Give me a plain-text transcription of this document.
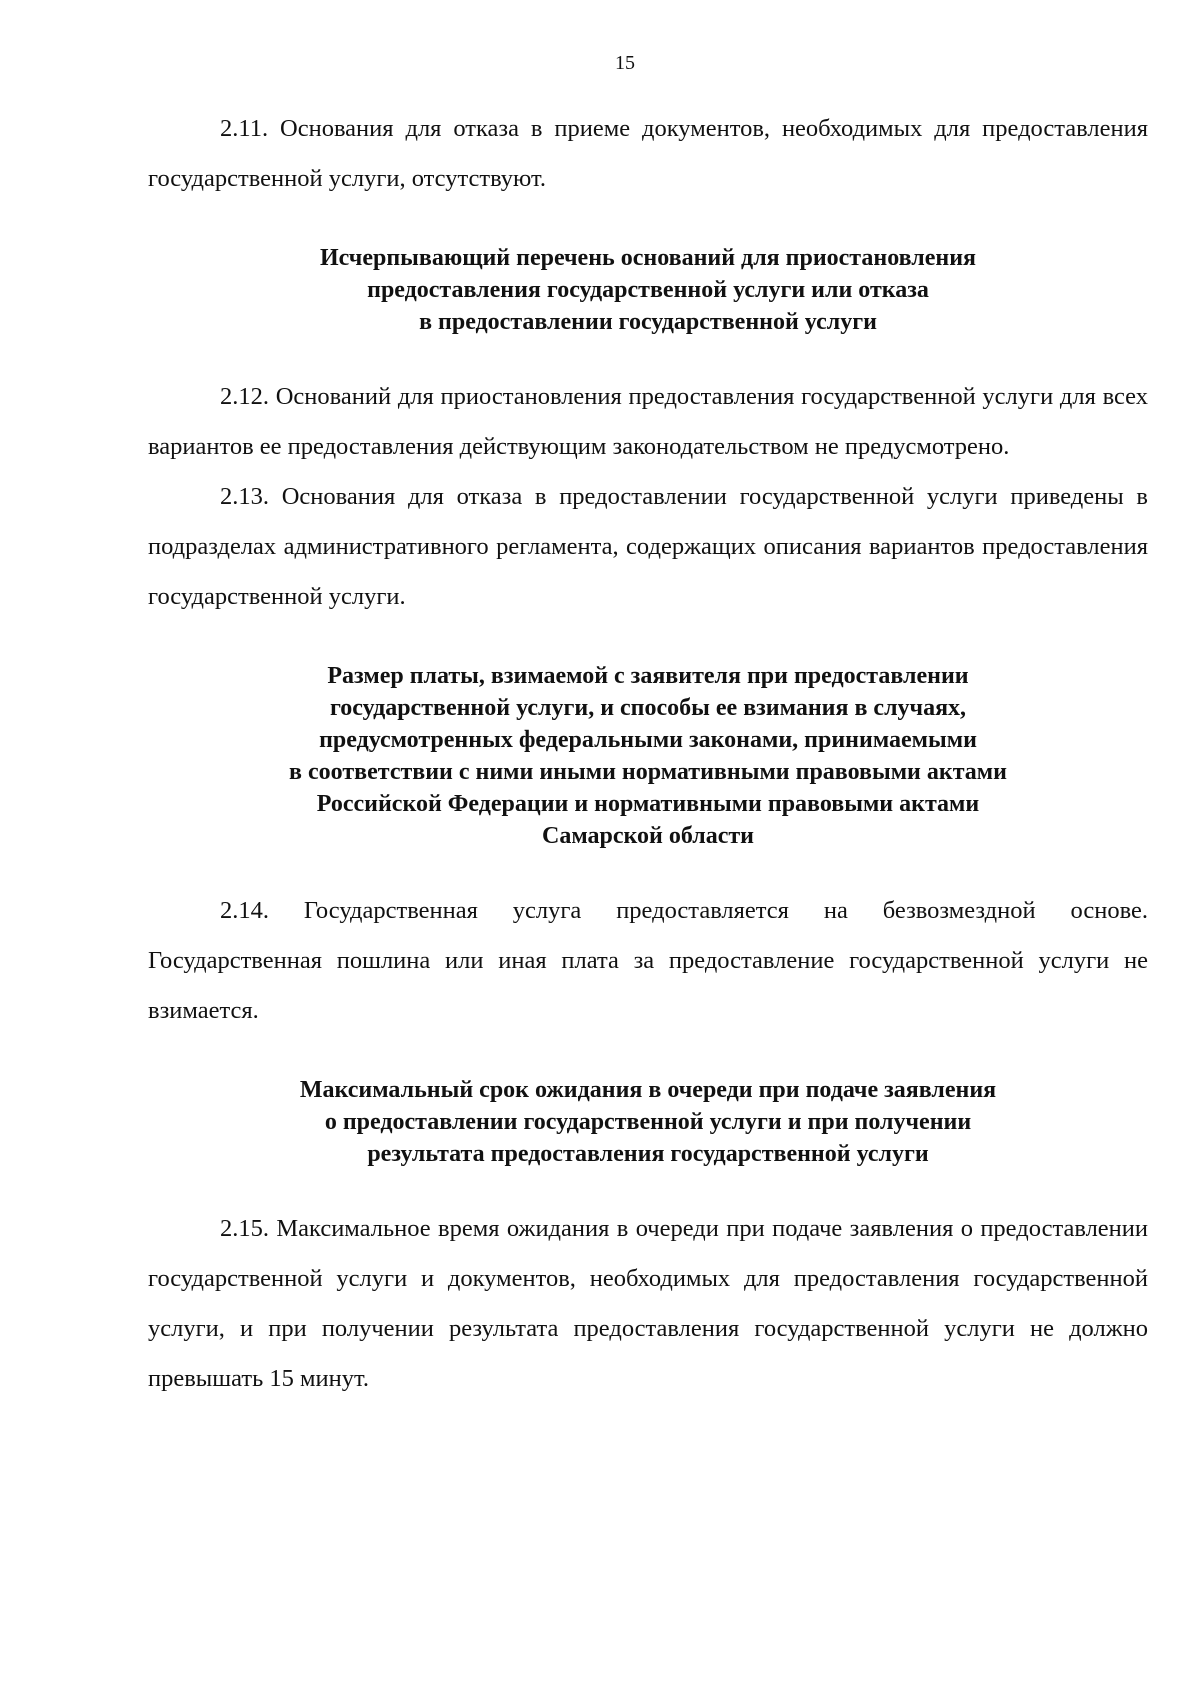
15

2.11. Основания для отказа в приеме документов, необходимых для предоставления государственной услуги, отсутствуют.

Исчерпывающий перечень оснований для приостановления
предоставления государственной услуги или отказа
в предоставлении государственной услуги

2.12. Оснований для приостановления предоставления государственной услуги для всех вариантов ее предоставления действующим законодательством не предусмотрено.

2.13. Основания для отказа в предоставлении государственной услуги приведены в подразделах административного регламента, содержащих описания вариантов предоставления государственной услуги.

Размер платы, взимаемой с заявителя при предоставлении
государственной услуги, и способы ее взимания в случаях,
предусмотренных федеральными законами, принимаемыми
в соответствии с ними иными нормативными правовыми актами
Российской Федерации и нормативными правовыми актами
Самарской области

2.14. Государственная услуга предоставляется на безвозмездной основе. Государственная пошлина или иная плата за предоставление государственной услуги не взимается.

Максимальный срок ожидания в очереди при подаче заявления
о предоставлении государственной услуги и при получении
результата предоставления государственной услуги

2.15. Максимальное время ожидания в очереди при подаче заявления о предоставлении государственной услуги и документов, необходимых для предоставления государственной услуги, и при получении результата предоставления государственной услуги не должно превышать 15 минут.
